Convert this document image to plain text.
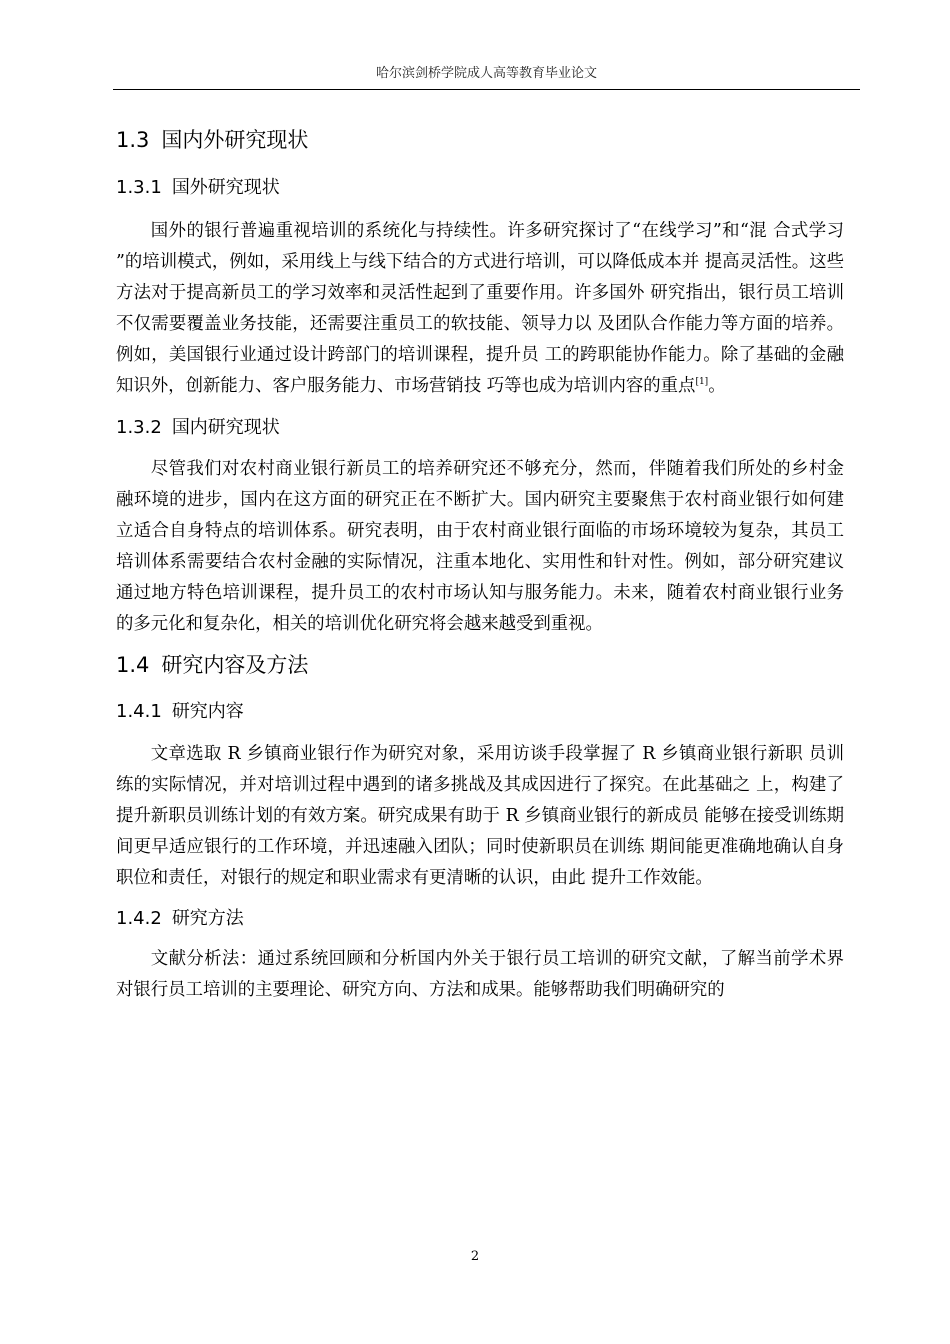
哈尔滨剑桥学院成人高等教育毕业论文
1.3 国内外研究现状
1.3.1 国外研究现状

国外的银行普遍重视培训的系统化与持续性。许多研究探讨了“在线学习”和“混 合式学习 ”的培训模式，例如，采用线上与线下结合的方式进行培训，可以降低成本并 提高灵活性。这些方法对于提高新员工的学习效率和灵活性起到了重要作用。许多国外 研究指出，银行员工培训不仅需要覆盖业务技能，还需要注重员工的软技能、领导力以 及团队合作能力等方面的培养。例如，美国银行业通过设计跨部门的培训课程，提升员 工的跨职能协作能力。除了基础的金融知识外，创新能力、客户服务能力、市场营销技 巧等也成为培训内容的重点[1]。

1.3.2 国内研究现状

尽管我们对农村商业银行新员工的培养研究还不够充分，然而，伴随着我们所处的乡村金融环境的进步，国内在这方面的研究正在不断扩大。国内研究主要聚焦于农村商业银行如何建立适合自身特点的培训体系。研究表明，由于农村商业银行面临的市场环境较为复杂，其员工培训体系需要结合农村金融的实际情况，注重本地化、实用性和针对性。例如，部分研究建议通过地方特色培训课程，提升员工的农村市场认知与服务能力。未来，随着农村商业银行业务的多元化和复杂化，相关的培训优化研究将会越来越受到重视。

1.4 研究内容及方法
1.4.1 研究内容

文章选取 R 乡镇商业银行作为研究对象，采用访谈手段掌握了 R 乡镇商业银行新职 员训练的实际情况，并对培训过程中遇到的诸多挑战及其成因进行了探究。在此基础之 上，构建了提升新职员训练计划的有效方案。研究成果有助于 R 乡镇商业银行的新成员 能够在接受训练期间更早适应银行的工作环境，并迅速融入团队；同时使新职员在训练 期间能更准确地确认自身职位和责任，对银行的规定和职业需求有更清晰的认识，由此 提升工作效能。

1.4.2 研究方法

文献分析法：通过系统回顾和分析国内外关于银行员工培训的研究文献，了解当前学术界对银行员工培训的主要理论、研究方向、方法和成果。能够帮助我们明确研究的

2
